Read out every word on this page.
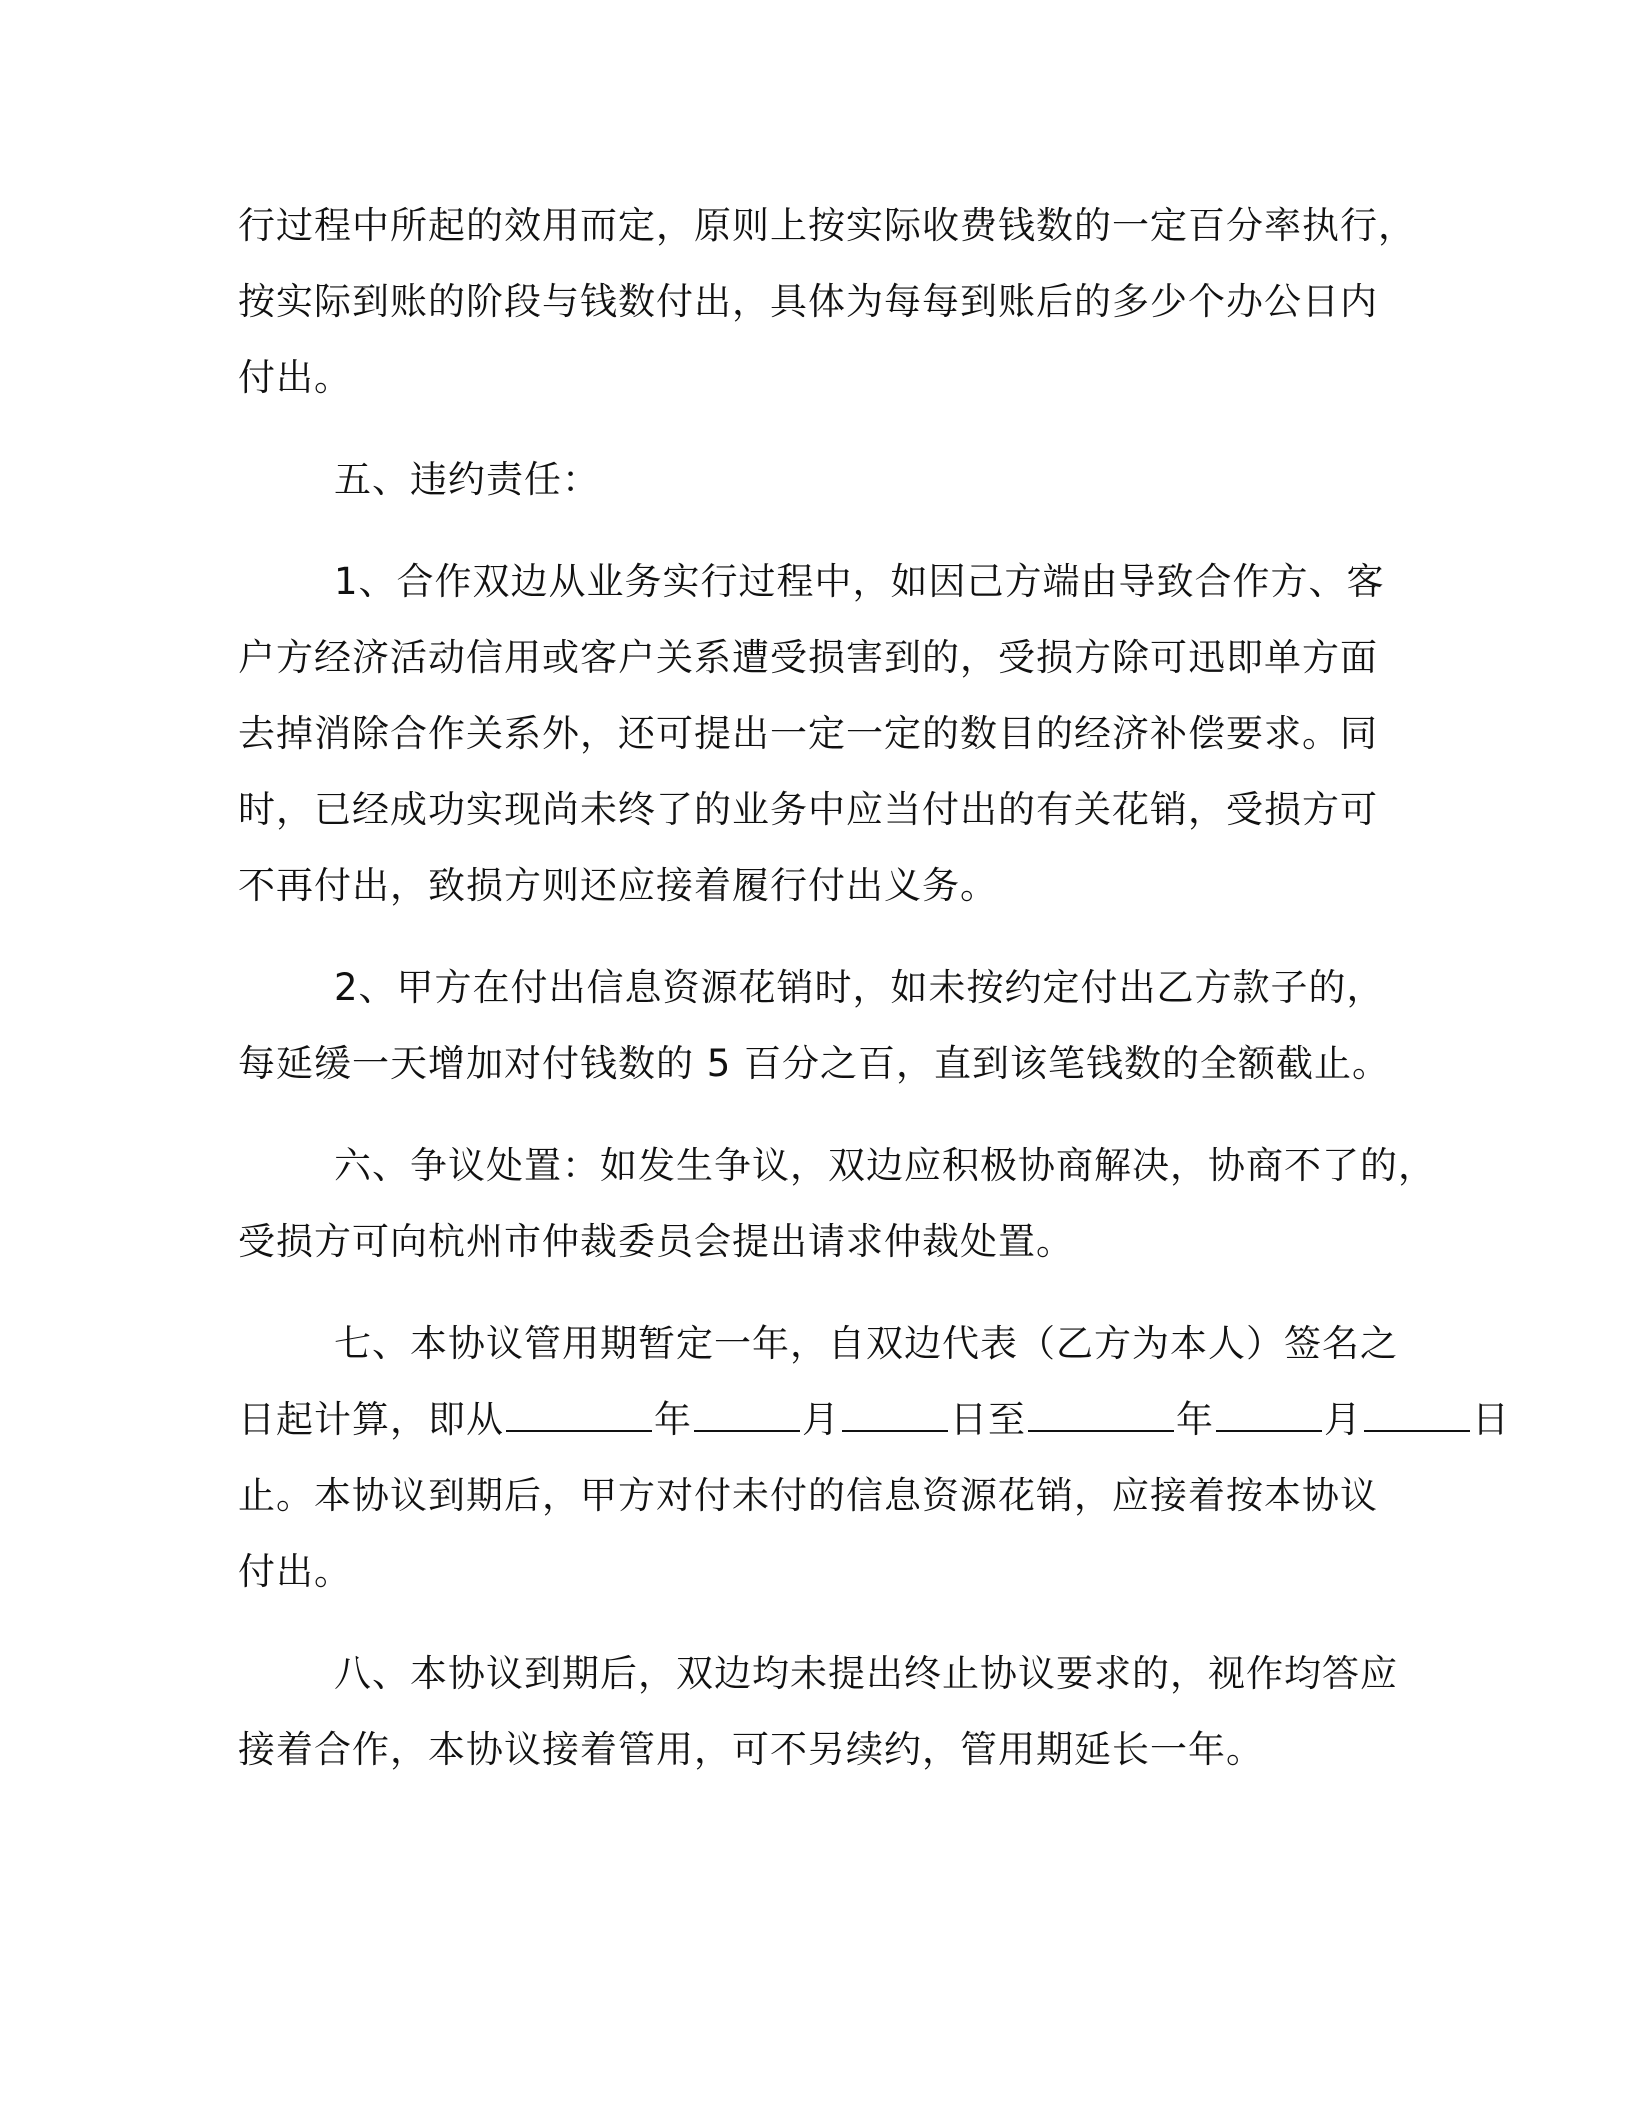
行过程中所起的效用而定，原则上按实际收费钱数的一定百分率执行，
按实际到账的阶段与钱数付出，具体为每每到账后的多少个办公日内
付出。
五、违约责任：
1、合作双边从业务实行过程中，如因己方端由导致合作方、客
户方经济活动信用或客户关系遭受损害到的，受损方除可迅即单方面
去掉消除合作关系外，还可提出一定一定的数目的经济补偿要求。同
时，已经成功实现尚未终了的业务中应当付出的有关花销，受损方可
不再付出，致损方则还应接着履行付出义务。
2、甲方在付出信息资源花销时，如未按约定付出乙方款子的，
每延缓一天增加对付钱数的 5 百分之百，直到该笔钱数的全额截止。
六、争议处置：如发生争议，双边应积极协商解决，协商不了的，
受损方可向杭州市仲裁委员会提出请求仲裁处置。
七、本协议管用期暂定一年，自双边代表（乙方为本人）签名之
日起计算，即从	年	月	日至	年	月	日
止。本协议到期后，甲方对付未付的信息资源花销，应接着按本协议
付出。
八、本协议到期后，双边均未提出终止协议要求的，视作均答应
接着合作，本协议接着管用，可不另续约，管用期延长一年。
